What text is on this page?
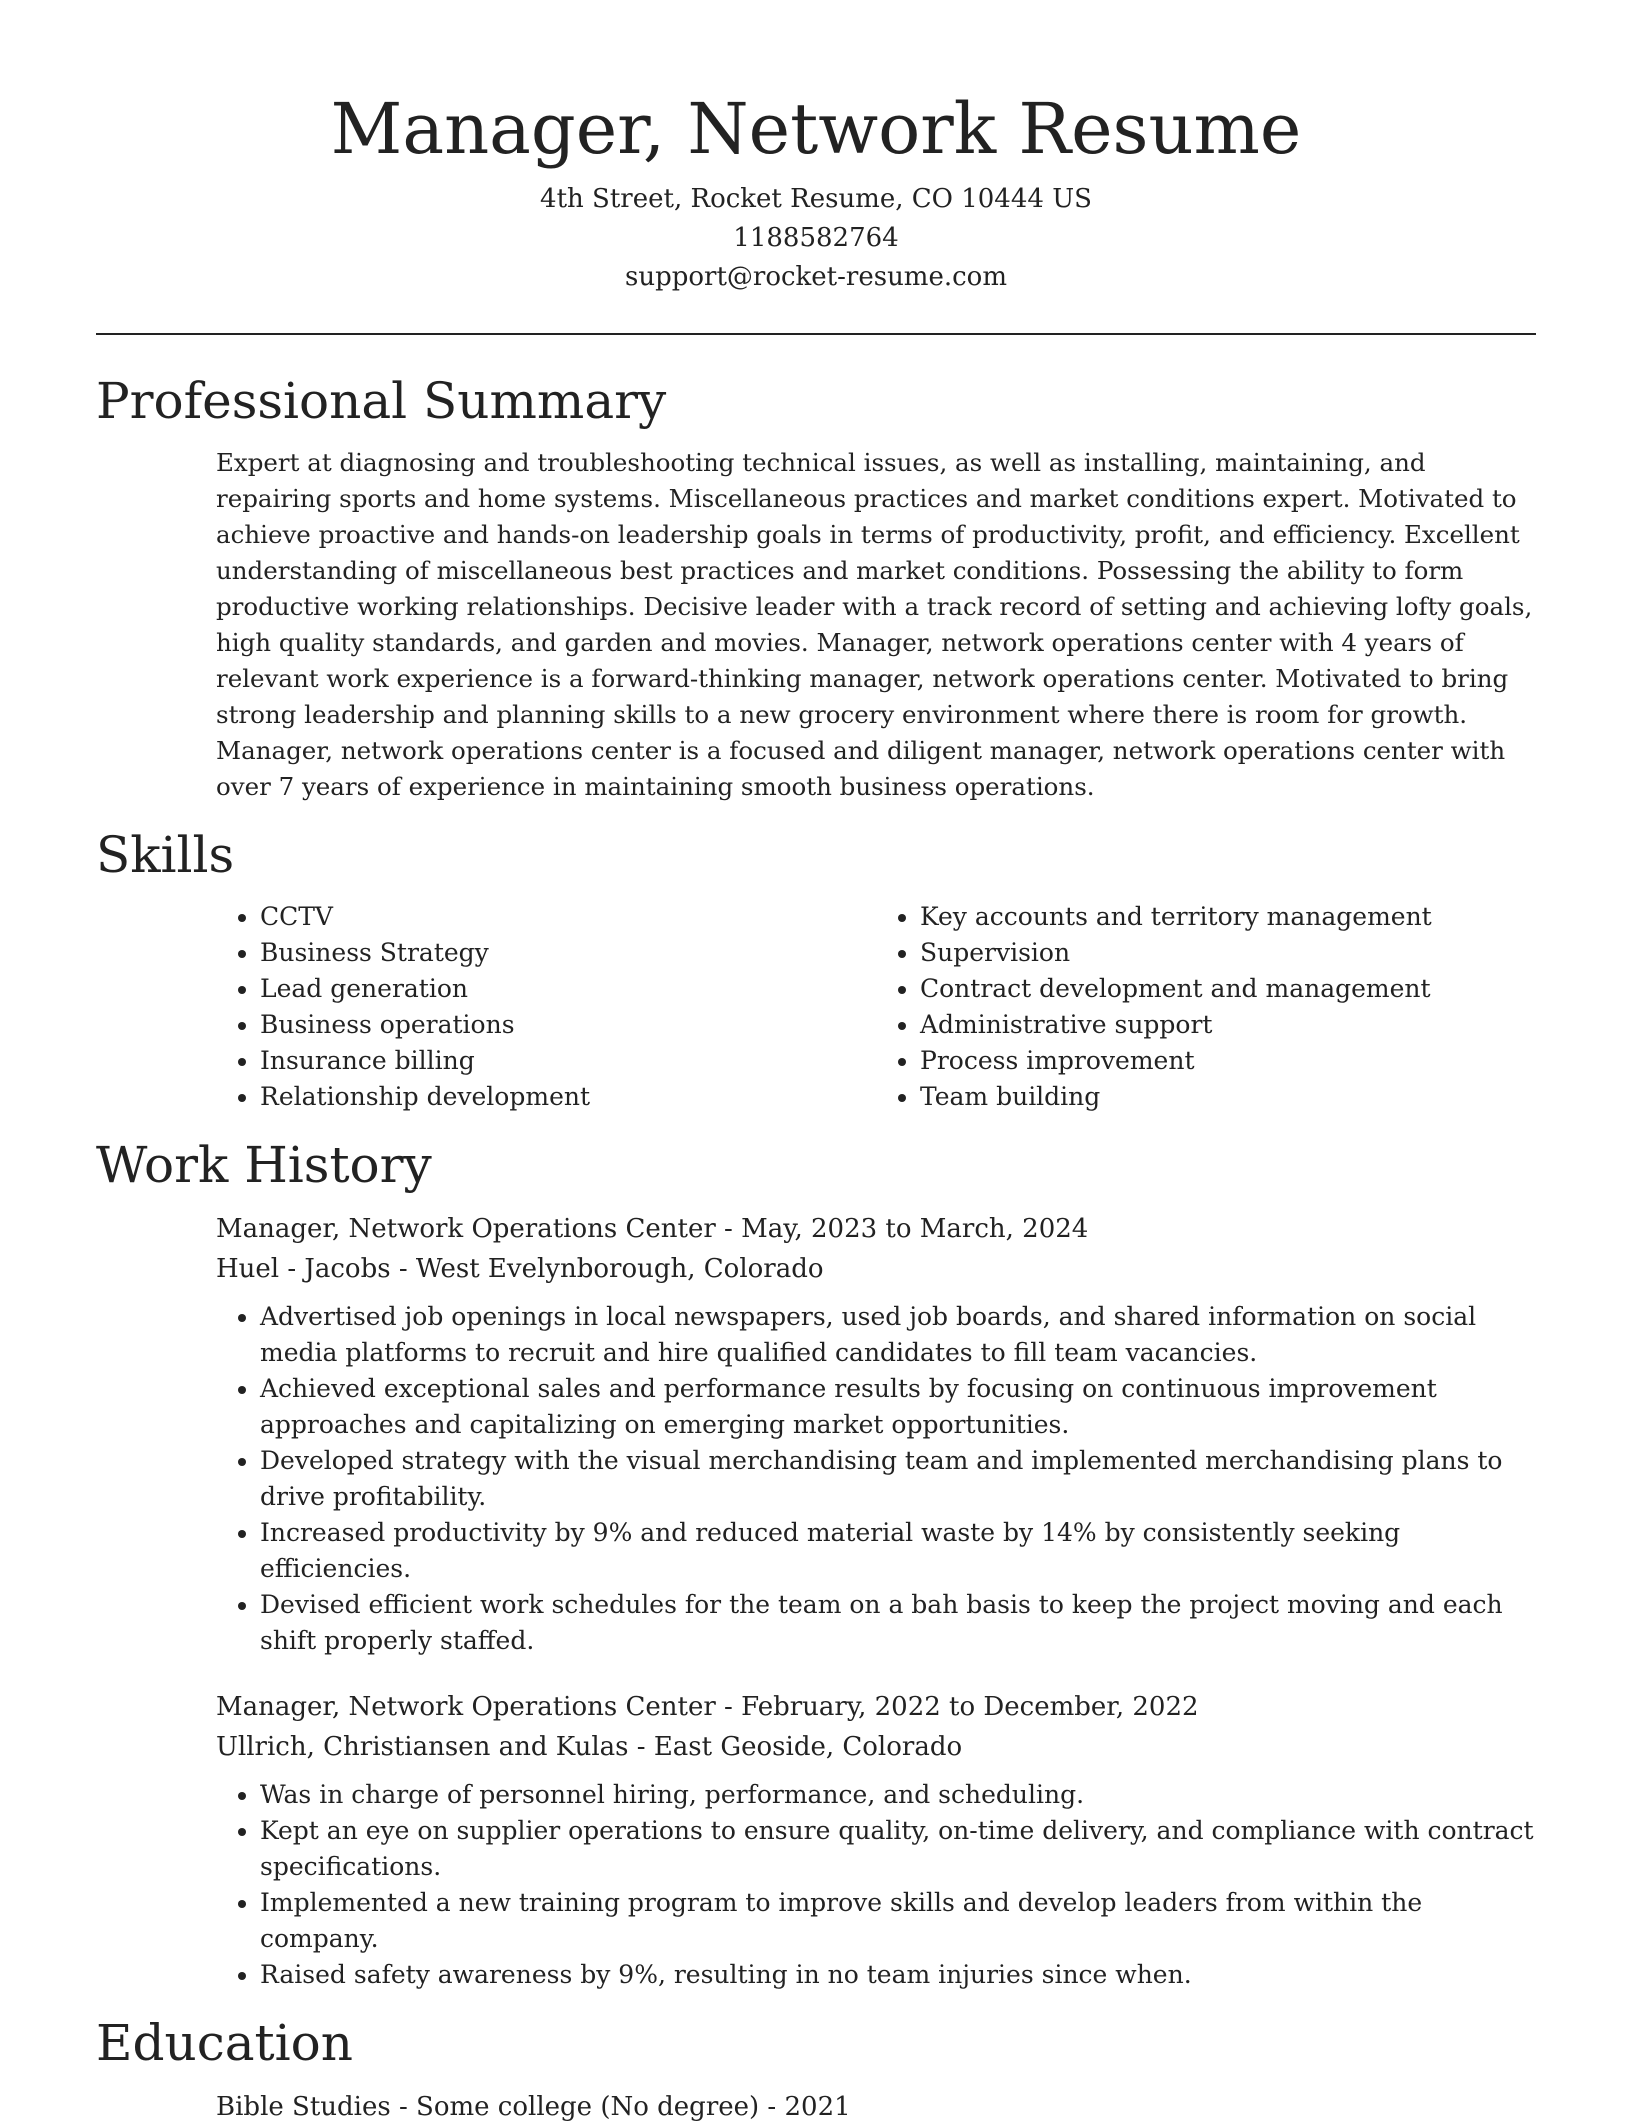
Manager, Network Resume
4th Street, Rocket Resume, CO 10444 US
1188582764
support@rocket-resume.com
Professional Summary
Expert at diagnosing and troubleshooting technical issues, as well as installing, maintaining, and repairing sports and home systems. Miscellaneous practices and market conditions expert. Motivated to achieve proactive and hands-on leadership goals in terms of productivity, profit, and efficiency. Excellent understanding of miscellaneous best practices and market conditions. Possessing the ability to form productive working relationships. Decisive leader with a track record of setting and achieving lofty goals, high quality standards, and garden and movies. Manager, network operations center with 4 years of relevant work experience is a forward-thinking manager, network operations center. Motivated to bring strong leadership and planning skills to a new grocery environment where there is room for growth. Manager, network operations center is a focused and diligent manager, network operations center with over 7 years of experience in maintaining smooth business operations.
Skills
• CCTV
• Business Strategy
• Lead generation
• Business operations
• Insurance billing
• Relationship development
• Key accounts and territory management
• Supervision
• Contract development and management
• Administrative support
• Process improvement
• Team building
Work History
Manager, Network Operations Center - May, 2023 to March, 2024
Huel - Jacobs - West Evelynborough, Colorado
• Advertised job openings in local newspapers, used job boards, and shared information on social media platforms to recruit and hire qualified candidates to fill team vacancies.
• Achieved exceptional sales and performance results by focusing on continuous improvement approaches and capitalizing on emerging market opportunities.
• Developed strategy with the visual merchandising team and implemented merchandising plans to drive profitability.
• Increased productivity by 9% and reduced material waste by 14% by consistently seeking efficiencies.
• Devised efficient work schedules for the team on a bah basis to keep the project moving and each shift properly staffed.
Manager, Network Operations Center - February, 2022 to December, 2022
Ullrich, Christiansen and Kulas - East Geoside, Colorado
• Was in charge of personnel hiring, performance, and scheduling.
• Kept an eye on supplier operations to ensure quality, on-time delivery, and compliance with contract specifications.
• Implemented a new training program to improve skills and develop leaders from within the company.
• Raised safety awareness by 9%, resulting in no team injuries since when.
Education
Bible Studies - Some college (No degree) - 2021
